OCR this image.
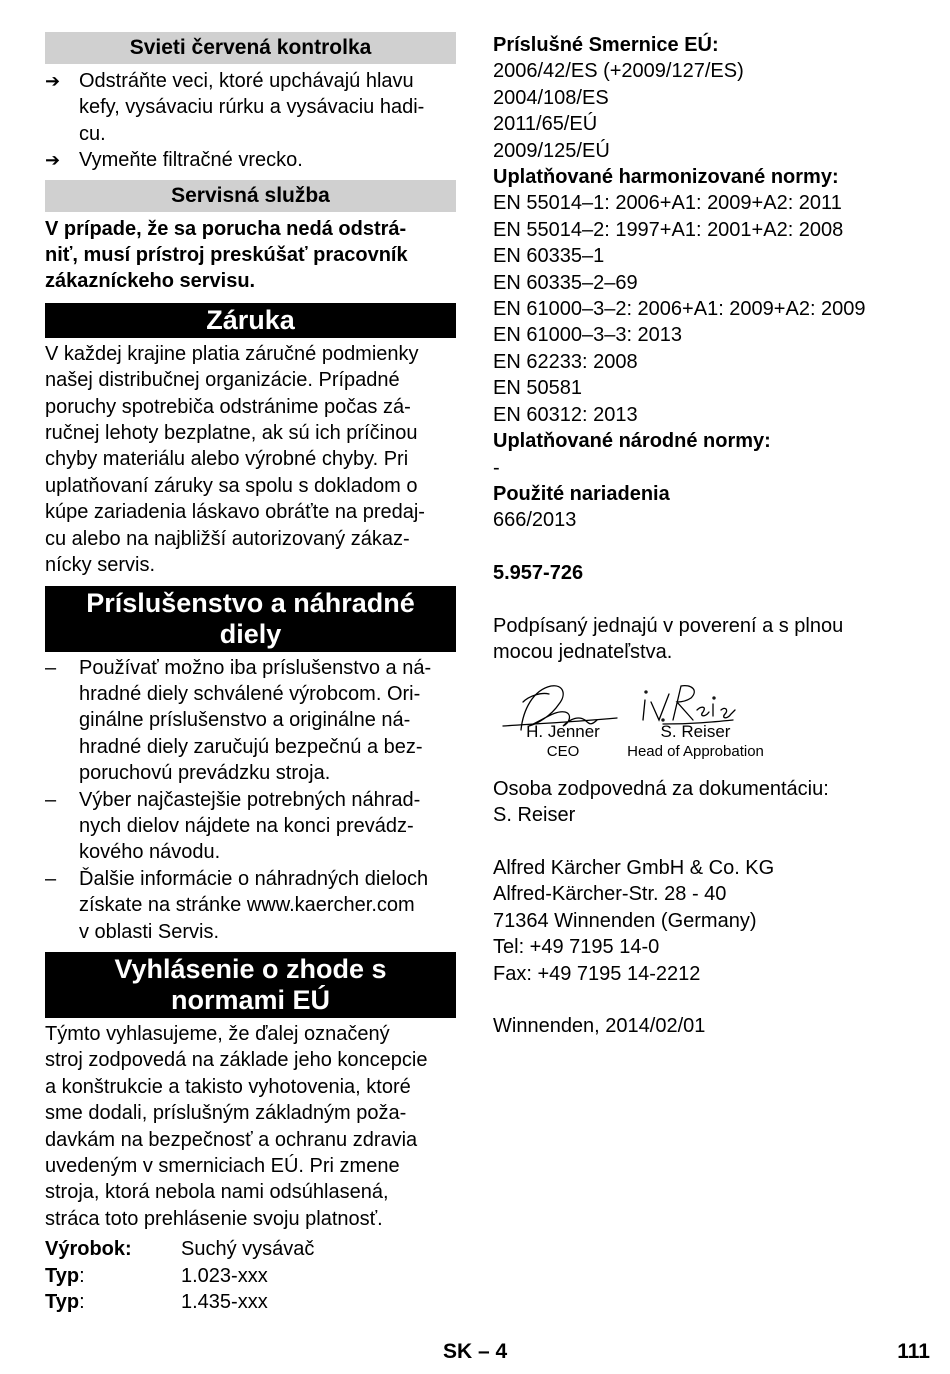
Svieti červená kontrolka
➔ Odstráňte veci, ktoré upchávajú hlavu
kefy, vysávaciu rúrku a vysávaciu hadi-
cu.
➔ Vymeňte filtračné vrecko.
Servisná služba
V prípade, že sa porucha nedá odstrá-
niť, musí prístroj preskúšať pracovník
zákazníckeho servisu.
Záruka
V každej krajine platia záručné podmienky
našej distribučnej organizácie. Prípadné
poruchy spotrebiča odstránime počas zá-
ručnej lehoty bezplatne, ak sú ich príčinou
chyby materiálu alebo výrobné chyby. Pri
uplatňovaní záruky sa spolu s dokladom o
kúpe zariadenia láskavo obráťte na predaj-
cu alebo na najbližší autorizovaný zákaz-
nícky servis.
Príslušenstvo a náhradné
diely
–	Používať možno iba príslušenstvo a ná-
hradné diely schválené výrobcom. Ori-
ginálne príslušenstvo a originálne ná-
hradné diely zaručujú bezpečnú a bez-
poruchovú prevádzku stroja.
–	Výber najčastejšie potrebných náhrad-
nych dielov nájdete na konci prevádz-
kového návodu.
–	Ďalšie informácie o náhradných dieloch
získate na stránke www.kaercher.com
v oblasti Servis.
Vyhlásenie o zhode s
normami EÚ
Týmto vyhlasujeme, že ďalej označený
stroj zodpovedá na základe jeho koncepcie
a konštrukcie a takisto vyhotovenia, ktoré
sme dodali, príslušným základným poža-
davkám na bezpečnosť a ochranu zdravia
uvedeným v smerniciach EÚ. Pri zmene
stroja, ktorá nebola nami odsúhlasená,
stráca toto prehlásenie svoju platnosť.
Výrobok:	Suchý vysávač
Typ:	1.023-xxx
Typ:	1.435-xxx
Príslušné Smernice EÚ:
2006/42/ES (+2009/127/ES)
2004/108/ES
2011/65/EÚ
2009/125/EÚ
Uplatňované harmonizované normy:
EN 55014–1: 2006+A1: 2009+A2: 2011
EN 55014–2: 1997+A1: 2001+A2: 2008
EN 60335–1
EN 60335–2–69
EN 61000–3–2: 2006+A1: 2009+A2: 2009
EN 61000–3–3: 2013
EN 62233: 2008
EN 50581
EN 60312: 2013
Uplatňované národné normy:
-
Použité nariadenia
666/2013
5.957-726
Podpísaný jednajú v poverení a s plnou
mocou jednateľstva.
H. Jenner
CEO
S. Reiser
Head of Approbation
Osoba zodpovedná za dokumentáciu:
S. Reiser
Alfred Kärcher GmbH & Co. KG
Alfred-Kärcher-Str. 28 - 40
71364 Winnenden (Germany)
Tel: +49 7195 14-0
Fax: +49 7195 14-2212
Winnenden, 2014/02/01
SK – 4	111
